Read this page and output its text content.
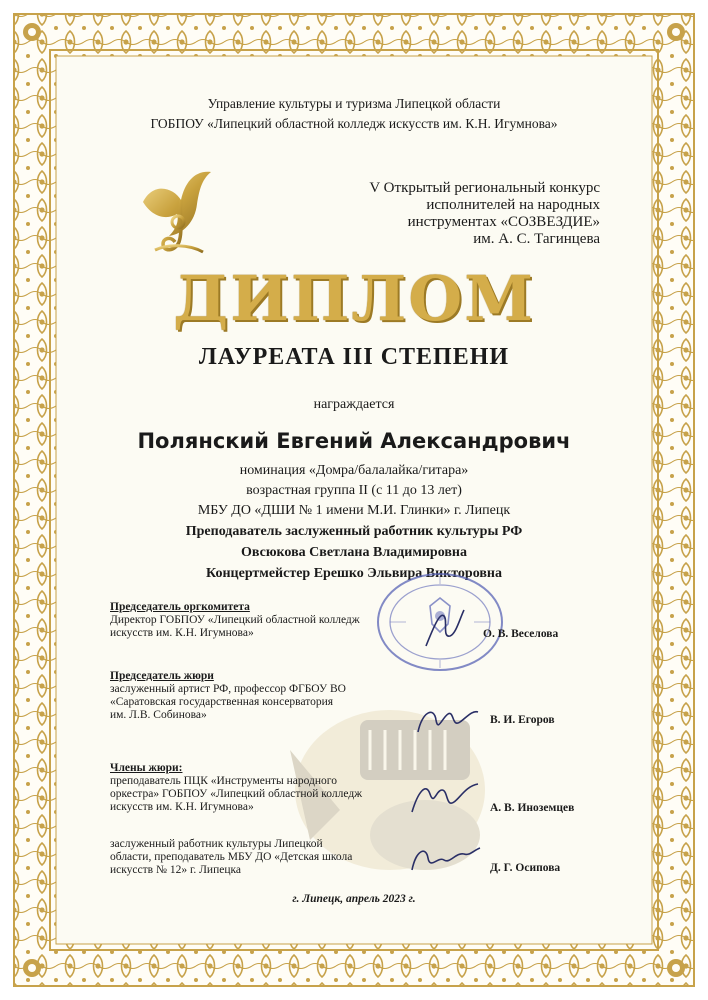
Управление культуры и туризма Липецкой области
ГОБПОУ «Липецкий областной колледж искусств им. К.Н. Игумнова»
V Открытый региональный конкурс
исполнителей на народных
инструментах «СОЗВЕЗДИЕ»
им. А. С. Тагинцева
ДИПЛОМ
ЛАУРЕАТА III СТЕПЕНИ
награждается
Полянский Евгений Александрович
номинация «Домра/балалайка/гитара»
возрастная группа II (с 11 до 13 лет)
МБУ ДО «ДШИ № 1 имени М.И. Глинки» г. Липецк
Преподаватель заслуженный работник культуры РФ
Овсюкова Светлана Владимировна
Концертмейстер Ерешко Эльвира Викторовна
Председатель оргкомитета
Директор ГОБПОУ «Липецкий областной колледж
искусств им. К.Н. Игумнова»	О. В. Веселова
Председатель жюри
заслуженный артист РФ, профессор ФГБОУ ВО
«Саратовская государственная консерватория
им. Л.В. Собинова»	В. И. Егоров
Члены жюри:
преподаватель ПЦК «Инструменты народного
оркестра» ГОБПОУ «Липецкий областной колледж
искусств им. К.Н. Игумнова»	А. В. Иноземцев
заслуженный работник культуры Липецкой
области, преподаватель МБУ ДО «Детская школа
искусств № 12» г. Липецка	Д. Г. Осипова
г. Липецк, апрель 2023 г.
